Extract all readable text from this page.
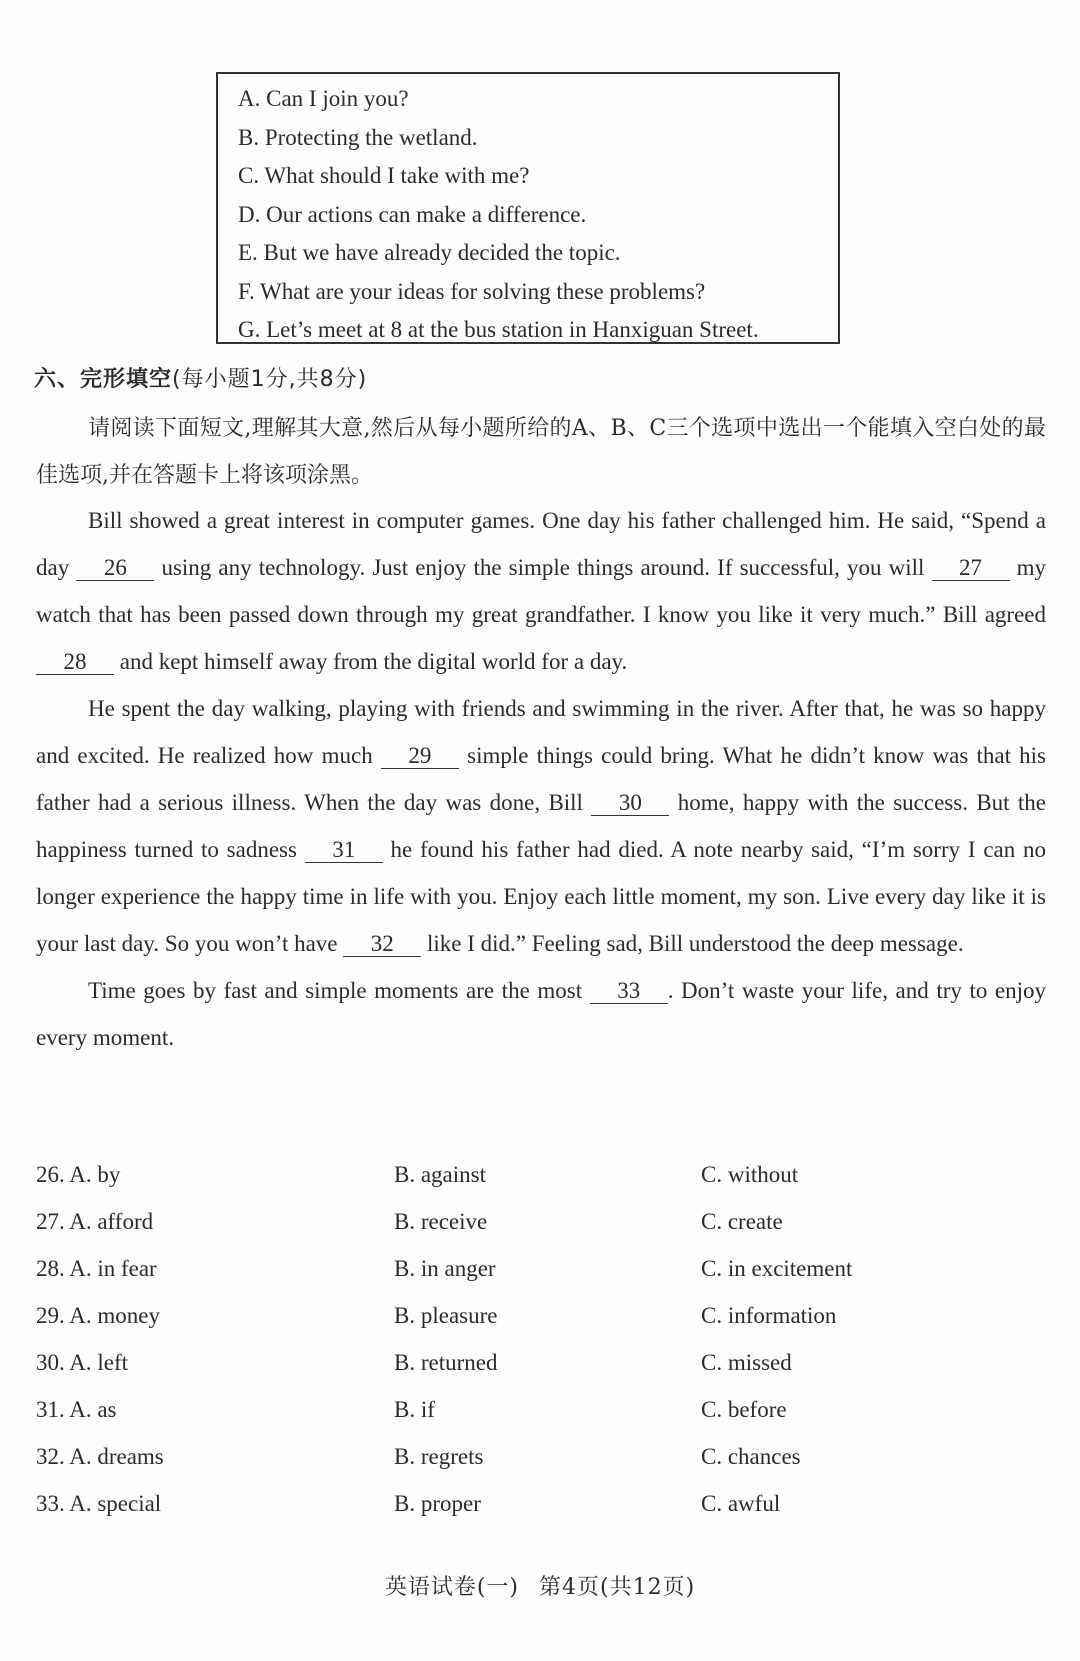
A. Can I join you?
B. Protecting the wetland.
C. What should I take with me?
D. Our actions can make a difference.
E. But we have already decided the topic.
F. What are your ideas for solving these problems?
G. Let’s meet at 8 at the bus station in Hanxiguan Street.
六、完形填空(每小题1分,共8分)
请阅读下面短文,理解其大意,然后从每小题所给的A、B、C三个选项中选出一个能填入空白处的最佳选项,并在答题卡上将该项涂黑。

Bill showed a great interest in computer games. One day his father challenged him. He said, “Spend a day 26 using any technology. Just enjoy the simple things around. If successful, you will 27 my watch that has been passed down through my great grandfather. I know you like it very much.” Bill agreed 28 and kept himself away from the digital world for a day.

He spent the day walking, playing with friends and swimming in the river. After that, he was so happy and excited. He realized how much 29 simple things could bring. What he didn’t know was that his father had a serious illness. When the day was done, Bill 30 home, happy with the success. But the happiness turned to sadness 31 he found his father had died. A note nearby said, “I’m sorry I can no longer experience the happy time in life with you. Enjoy each little moment, my son. Live every day like it is your last day. So you won’t have 32 like I did.” Feeling sad, Bill understood the deep message.

Time goes by fast and simple moments are the most 33 . Don’t waste your life, and try to enjoy every moment.

26. A. by	B. against	C. without
27. A. afford	B. receive	C. create
28. A. in fear	B. in anger	C. in excitement
29. A. money	B. pleasure	C. information
30. A. left	B. returned	C. missed
31. A. as	B. if	C. before
32. A. dreams	B. regrets	C. chances
33. A. special	B. proper	C. awful
英语试卷(一) 第4页(共12页)
